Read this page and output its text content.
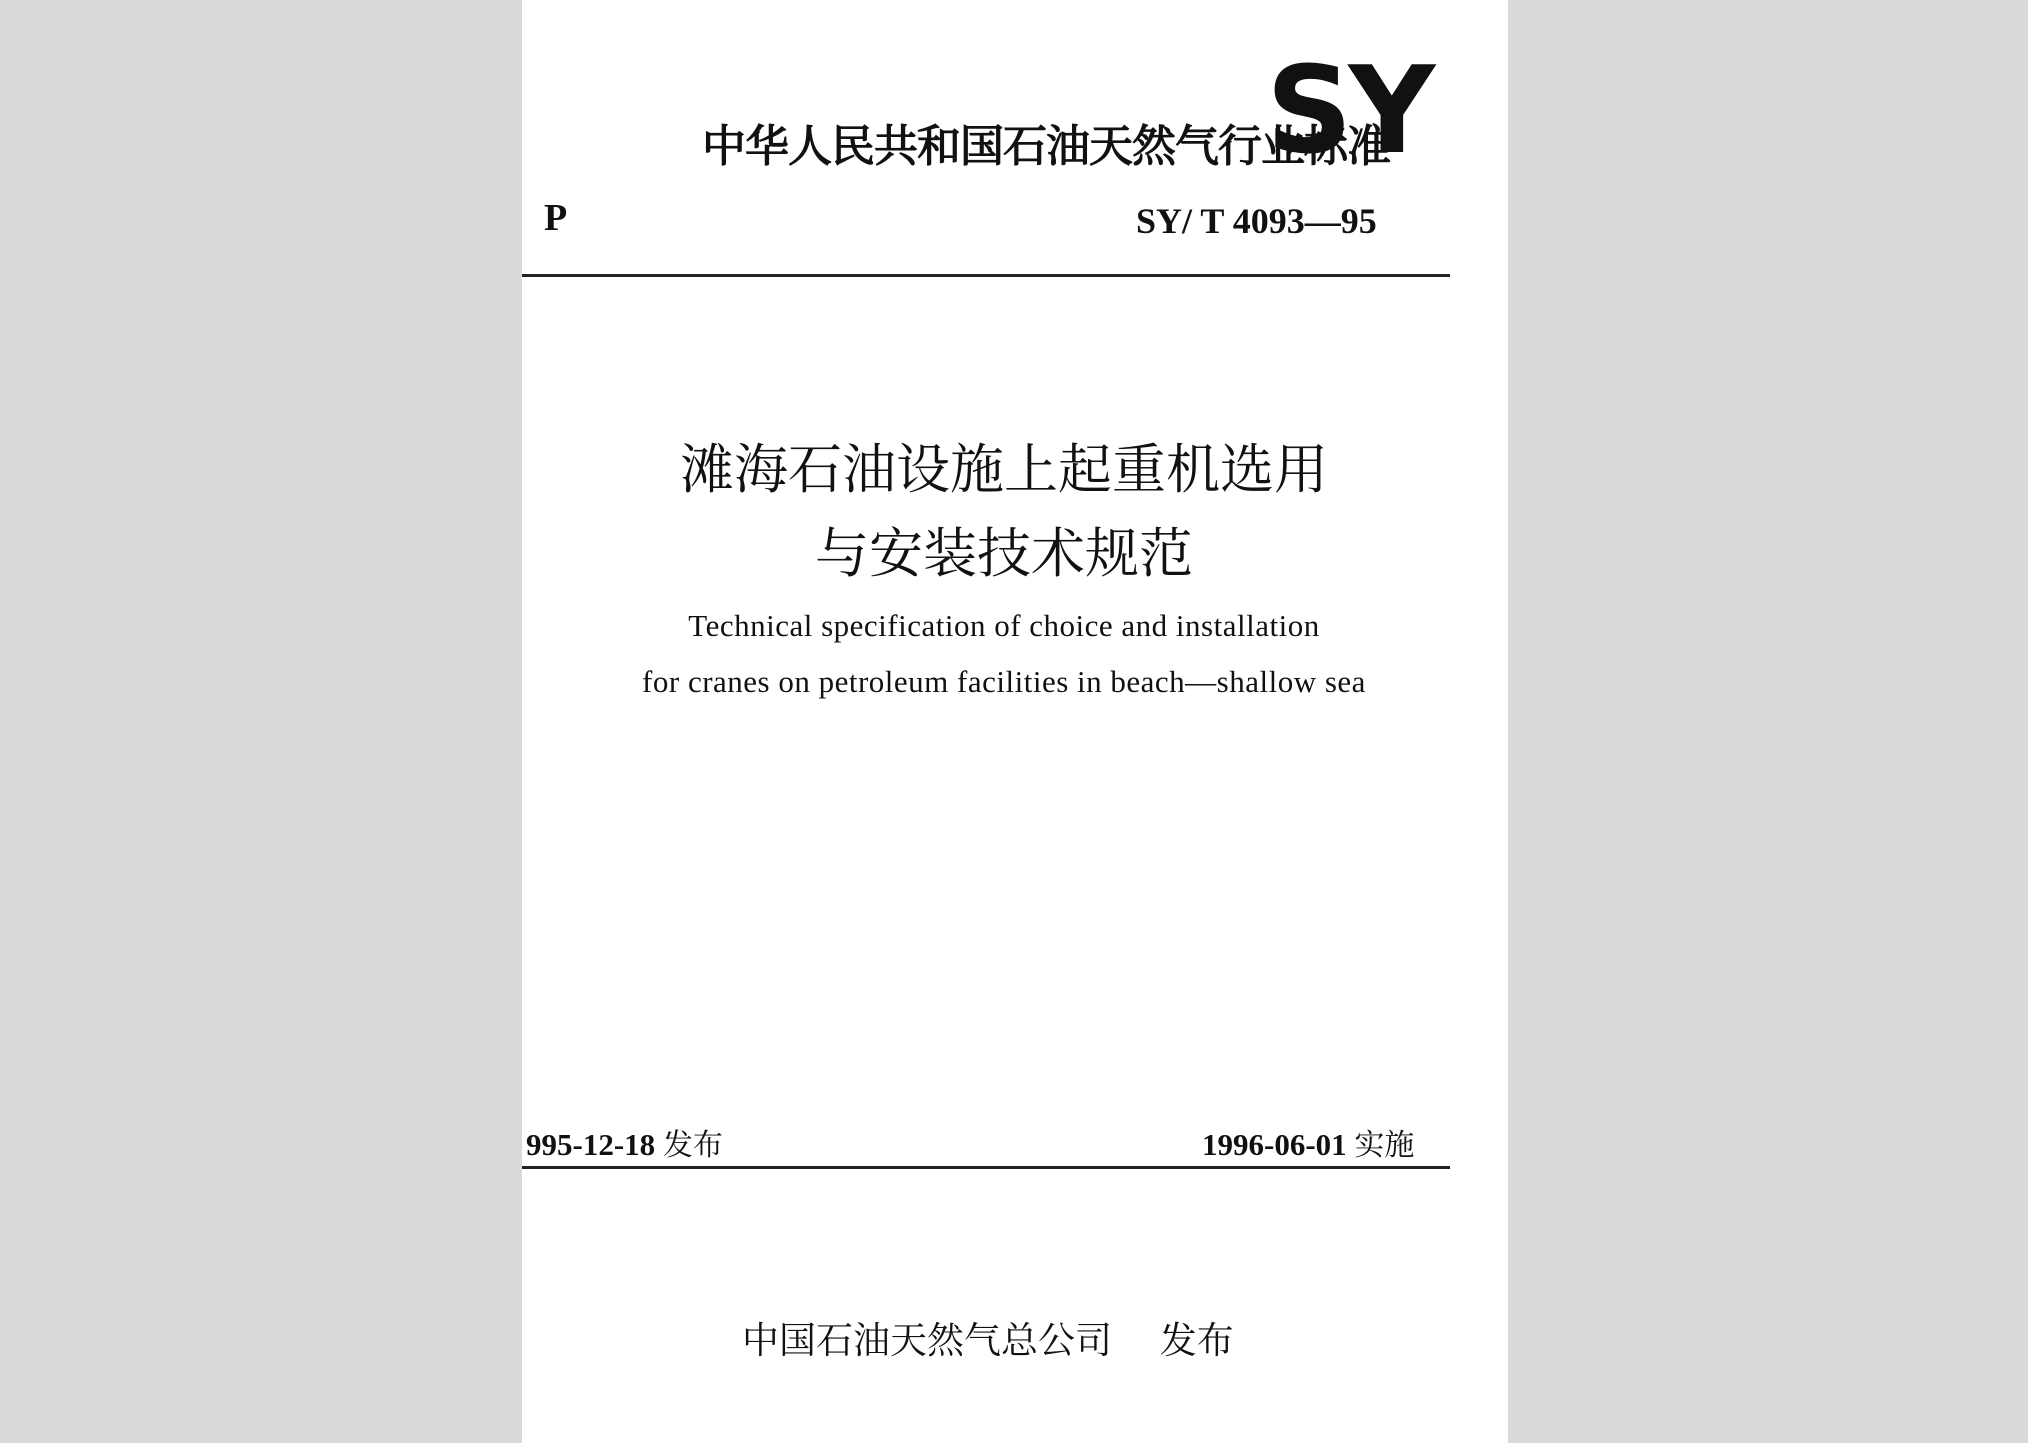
中华人民共和国石油天然气行业标准
SY
P	SY/ T 4093—95
滩海石油设施上起重机选用
与安装技术规范
Technical specification of choice and installation
for cranes on petroleum facilities in beach—shallow sea
995-12-18 发布	1996-06-01 实施
中国石油天然气总公司 发布
